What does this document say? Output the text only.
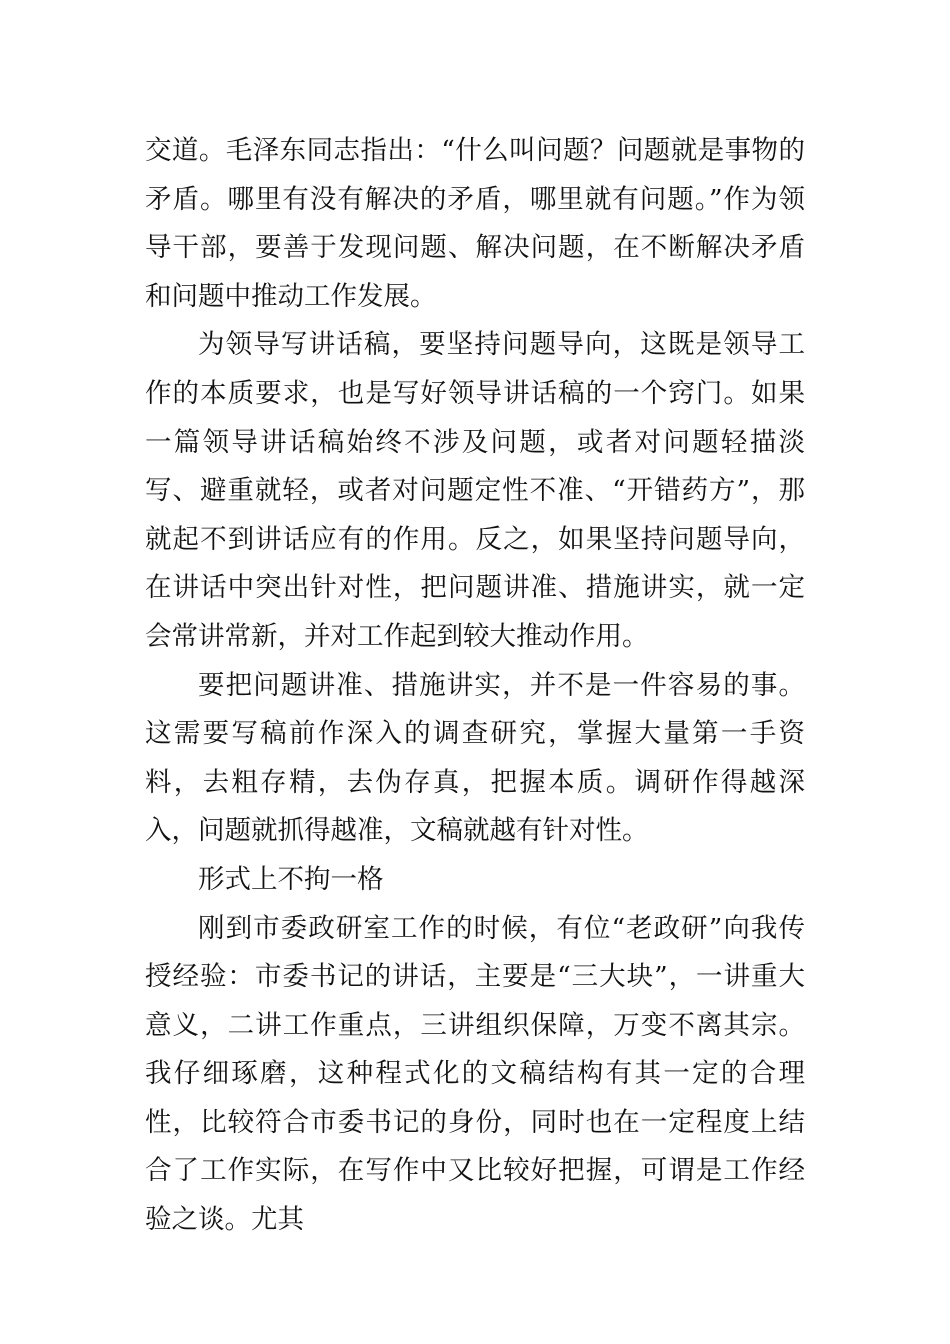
交道。毛泽东同志指出：“什么叫问题？问题就是事物的矛盾。哪里有没有解决的矛盾，哪里就有问题。”作为领导干部，要善于发现问题、解决问题，在不断解决矛盾和问题中推动工作发展。

为领导写讲话稿，要坚持问题导向，这既是领导工作的本质要求，也是写好领导讲话稿的一个窍门。如果一篇领导讲话稿始终不涉及问题，或者对问题轻描淡写、避重就轻，或者对问题定性不准、“开错药方”，那就起不到讲话应有的作用。反之，如果坚持问题导向，在讲话中突出针对性，把问题讲准、措施讲实，就一定会常讲常新，并对工作起到较大推动作用。

要把问题讲准、措施讲实，并不是一件容易的事。这需要写稿前作深入的调查研究，掌握大量第一手资料，去粗存精，去伪存真，把握本质。调研作得越深入，问题就抓得越准，文稿就越有针对性。

形式上不拘一格

刚到市委政研室工作的时候，有位“老政研”向我传授经验：市委书记的讲话，主要是“三大块”，一讲重大意义，二讲工作重点，三讲组织保障，万变不离其宗。我仔细琢磨，这种程式化的文稿结构有其一定的合理性，比较符合市委书记的身份，同时也在一定程度上结合了工作实际，在写作中又比较好把握，可谓是工作经验之谈。尤其
